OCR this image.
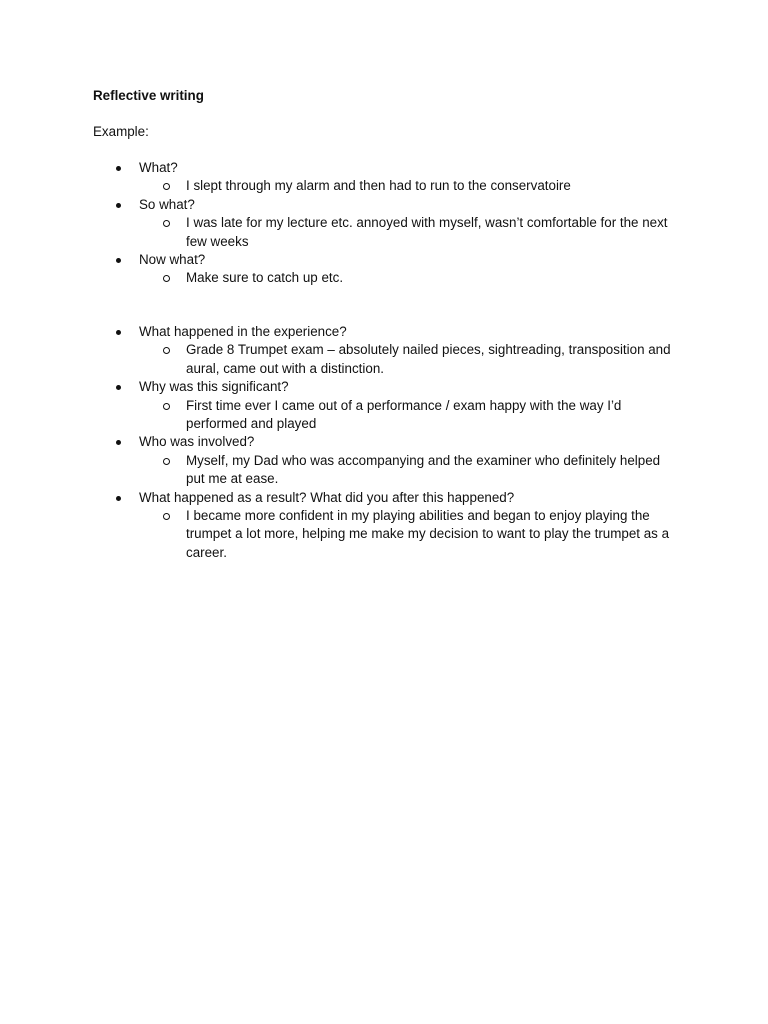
Reflective writing

Example:

What?
I slept through my alarm and then had to run to the conservatoire
So what?
I was late for my lecture etc. annoyed with myself, wasn’t comfortable for the next few weeks
Now what?
Make sure to catch up etc.
What happened in the experience?
Grade 8 Trumpet exam – absolutely nailed pieces, sightreading, transposition and aural, came out with a distinction.
Why was this significant?
First time ever I came out of a performance / exam happy with the way I’d performed and played
Who was involved?
Myself, my Dad who was accompanying and the examiner who definitely helped put me at ease.
What happened as a result? What did you after this happened?
I became more confident in my playing abilities and began to enjoy playing the trumpet a lot more, helping me make my decision to want to play the trumpet as a career.
